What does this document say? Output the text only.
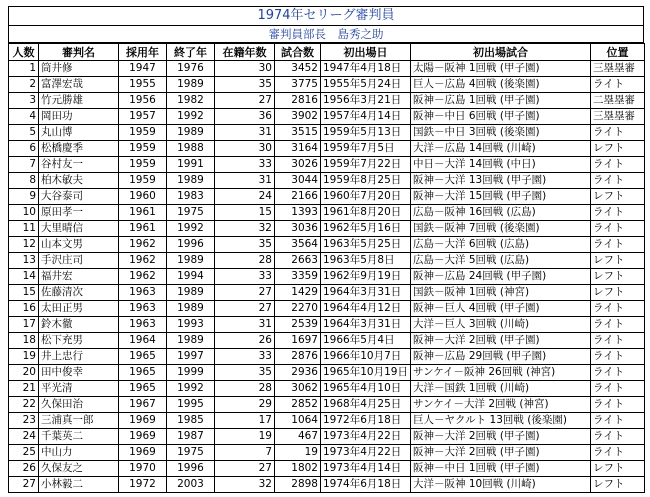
1974年セリーグ審判員
審判員部長　島秀之助
人数	審判名	採用年	終了年	在籍年数	試合数	初出場日	初出場試合	位置
1	筒井修	1947	1976	30	3452	1947年4月18日	太陽－阪神 1回戦 (甲子園)	三塁塁審
2	富澤宏哉	1955	1989	35	3775	1955年5月24日	巨人－広島 4回戦 (後楽園)	ライト
3	竹元勝雄	1956	1982	27	2816	1956年3月21日	阪神－広島 1回戦 (甲子園)	二塁塁審
4	岡田功	1957	1992	36	3902	1957年4月14日	阪神－中日 6回戦 (甲子園)	三塁塁審
5	丸山博	1959	1989	31	3515	1959年5月13日	国鉄－中日 3回戦 (後楽園)	ライト
6	松橋慶季	1959	1988	30	3164	1959年7月5日	大洋－広島 14回戦 (川崎)	レフト
7	谷村友一	1959	1991	33	3026	1959年7月22日	中日－大洋 14回戦 (中日)	ライト
8	柏木敏夫	1959	1989	31	3044	1959年8月25日	阪神－大洋 13回戦 (甲子園)	ライト
9	大谷泰司	1960	1983	24	2166	1960年7月20日	阪神－大洋 15回戦 (甲子園)	レフト
10	原田孝一	1961	1975	15	1393	1961年8月20日	広島－阪神 16回戦 (広島)	ライト
11	大里晴信	1961	1992	32	3036	1962年5月16日	国鉄－阪神 7回戦 (後楽園)	ライト
12	山本文男	1962	1996	35	3564	1963年5月25日	広島－大洋 6回戦 (広島)	ライト
13	手沢庄司	1962	1989	28	2663	1963年5月8日	広島－大洋 5回戦 (広島)	レフト
14	福井宏	1962	1994	33	3359	1962年9月19日	阪神－広島 24回戦 (甲子園)	レフト
15	佐藤清次	1963	1989	27	1429	1964年3月31日	国鉄－阪神 1回戦 (神宮)	レフト
16	太田正男	1963	1989	27	2270	1964年4月12日	阪神－巨人 4回戦 (甲子園)	ライト
17	鈴木徹	1963	1993	31	2539	1964年3月31日	大洋－巨人 3回戦 (川崎)	ライト
18	松下充男	1964	1989	26	1697	1966年5月4日	阪神－大洋 2回戦 (甲子園)	ライト
19	井上忠行	1965	1997	33	2876	1966年10月7日	阪神－広島 29回戦 (甲子園)	ライト
20	田中俊幸	1965	1999	35	2936	1965年10月19日	サンケイ－阪神 26回戦 (神宮)	ライト
21	平光清	1965	1992	28	3062	1965年4月10日	大洋－国鉄 1回戦 (川崎)	ライト
22	久保田治	1967	1995	29	2852	1968年4月25日	サンケイ－大洋 2回戦 (神宮)	ライト
23	三浦真一郎	1969	1985	17	1064	1972年6月18日	巨人－ヤクルト 13回戦 (後楽園)	ライト
24	千葉英二	1969	1987	19	467	1973年4月22日	阪神－大洋 2回戦 (甲子園)	ライト
25	中山力	1969	1975	7	19	1973年4月22日	阪神－大洋 2回戦 (甲子園)	ライト
26	久保友之	1970	1996	27	1802	1973年4月14日	阪神－中日 1回戦 (甲子園)	レフト
27	小林毅二	1972	2003	32	2898	1974年6月18日	大洋－阪神 10回戦 (川崎)	レフト
